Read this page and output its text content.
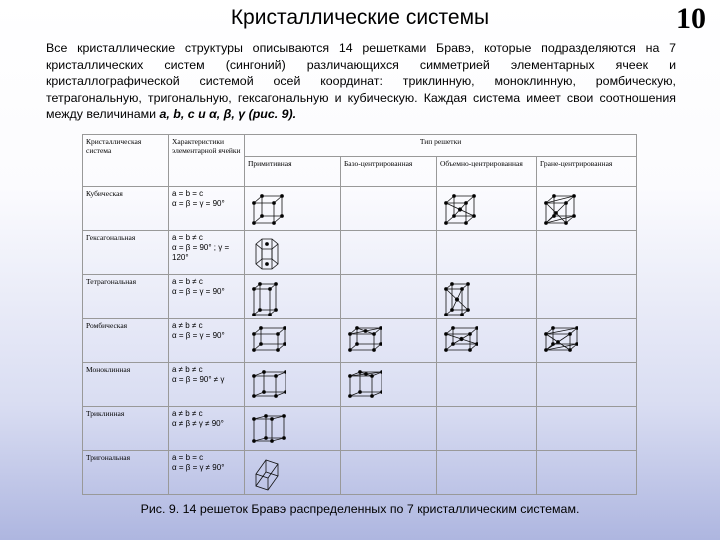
Кристаллические системы	10
Все кристаллические структуры описываются 14 решетками Бравэ, которые подразделяются на 7 кристаллических систем (сингоний) различающихся симметрией элементарных ячеек и кристаллографической системой осей координат: триклинную, моноклинную, ромбическую, тетрагональную, тригональную, гексагональную и кубическую. Каждая система имеет свои соотношения между величинами a, b, c и α, β, γ (рис. 9).
Кристаллическая система	Характеристики элементарной ячейки	Тип решетки			
		Примитивная	Базо-центрированная	Объемно-центрированная	Гране-центрированная
Кубическая	a = b = c
α = β = γ = 90°	

Гексагональная	a = b ≠ c
α = β = 90° ; γ = 120°	

Тетрагональная	a = b ≠ c
α = β = γ = 90°	

Ромбическая	a ≠ b ≠ c
α = β = γ = 90°	

Моноклинная	a ≠ b ≠ c
α = β = 90° ≠ γ	

Триклинная	a ≠ b ≠ c
α ≠ β ≠ γ ≠ 90°	

Тригональная	a = b = c
α = β = γ ≠ 90°	

Рис. 9. 14 решеток Бравэ распределенных по 7 кристаллическим системам.
